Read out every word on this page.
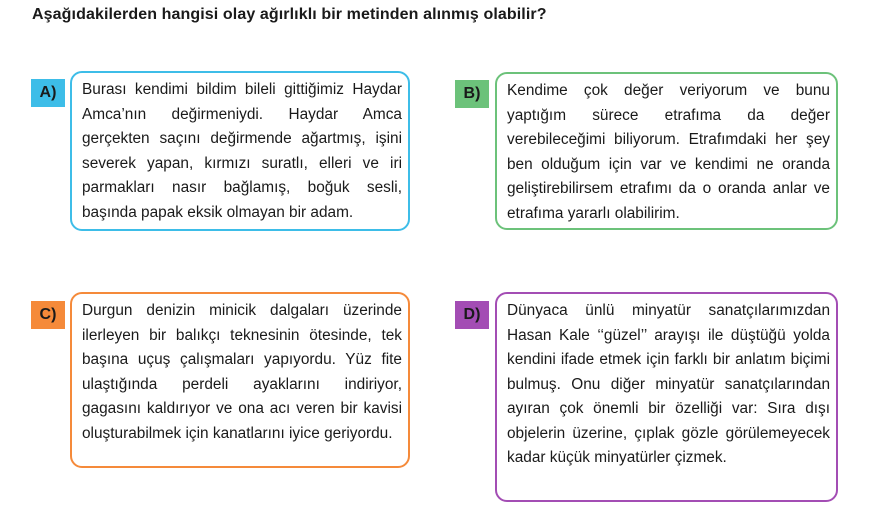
Aşağıdakilerden hangisi olay ağırlıklı bir metinden alınmış olabilir?
A)	Burası kendimi bildim bileli gittiğimiz Haydar Amca’nın değirmeniydi. Haydar Amca gerçekten saçını değirmende ağartmış, işini severek yapan, kırmızı suratlı, elleri ve iri parmakları nasır bağlamış, boğuk sesli, başında papak eksik olmayan bir adam.

B)	Kendime çok değer veriyorum ve bunu yaptığım sürece etrafıma da değer verebileceğimi biliyorum. Etrafımdaki her şey ben olduğum için var ve kendimi ne oranda geliştirebilirsem etrafımı da o oranda anlar ve etrafıma yararlı olabilirim.

C)	Durgun denizin minicik dalgaları üzerinde ilerleyen bir balıkçı teknesinin ötesinde, tek başına uçuş çalışmaları yapıyordu. Yüz fite ulaştığında perdeli ayaklarını indiriyor, gagasını kaldırıyor ve ona acı veren bir kavisi oluşturabilmek için kanatlarını iyice geriyordu.

D)	Dünyaca ünlü minyatür sanatçılarımızdan Hasan Kale ‘‘güzel’’ arayışı ile düştüğü yolda kendini ifade etmek için farklı bir anlatım biçimi bulmuş. Onu diğer minyatür sanatçılarından ayıran çok önemli bir özelliği var: Sıra dışı objelerin üzerine, çıplak gözle görülemeyecek kadar küçük minyatürler çizmek.
